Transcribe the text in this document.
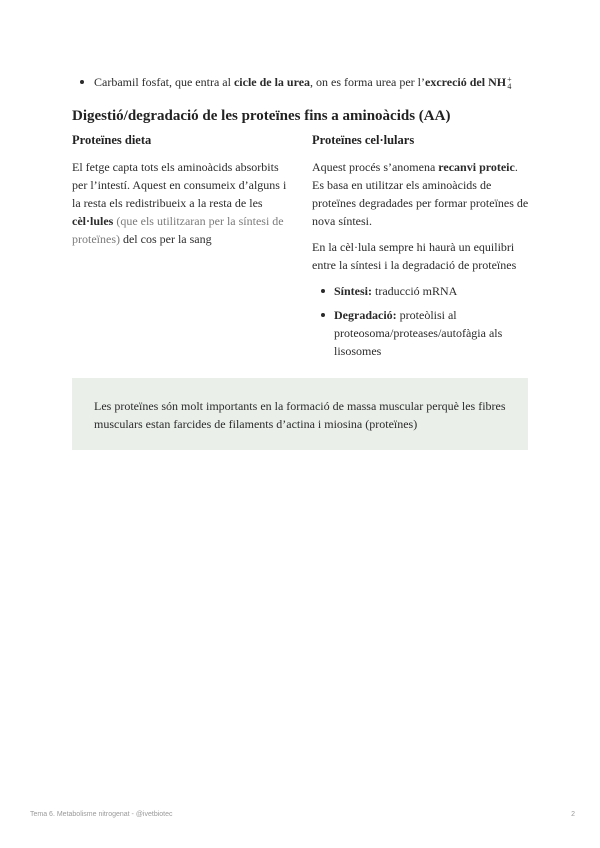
Carbamil fosfat, que entra al cicle de la urea, on es forma urea per l’excreció del NH +
4
Digestió/degradació de les proteïnes fins a aminoàcids (AA)
Proteïnes dieta

El fetge capta tots els aminoàcids absorbits per l’intestí. Aquest en consumeix d’alguns i la resta els redistribueix a la resta de les cèl·lules (que els utilitzaran per la síntesi de proteïnes) del cos per la sang

Proteïnes cel·lulars

Aquest procés s’anomena recanvi proteic. Es basa en utilitzar els aminoàcids de proteïnes degradades per formar proteïnes de nova síntesi.

En la cèl·lula sempre hi haurà un equilibri entre la síntesi i la degradació de proteïnes

Síntesi: traducció mRNA
Degradació: proteòlisi al proteosoma/proteases/autofàgia als lisosomes
Les proteïnes són molt importants en la formació de massa muscular perquè les fibres musculars estan farcides de filaments d’actina i miosina (proteïnes)
Tema 6. Metabolisme nitrogenat - @ivetbiotec	2
